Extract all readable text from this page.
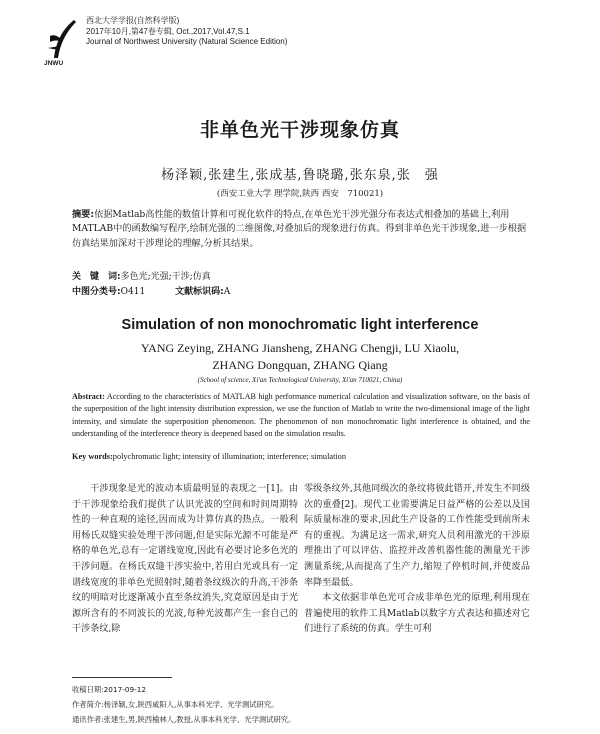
JNWU
西北大学学报(自然科学版)
2017年10月,第47卷专辑, Oct.,2017,Vol.47,S.1
Journal of Northwest University (Natural Science Edition)
非单色光干涉现象仿真
杨泽颖,张建生,张成基,鲁晓璐,张东泉,张　强
(西安工业大学 理学院,陕西 西安　710021)
摘要:依据Matlab高性能的数值计算和可视化软件的特点,在单色光干涉光强分布表达式相叠加的基础上,利用MATLAB中的函数编写程序,绘制光强的二维图像,对叠加后的现象进行仿真。得到非单色光干涉现象,进一步根据仿真结果加深对干涉理论的理解,分析其结果。
关　键　词:多色光;光强;干涉;仿真
中图分类号:O411	文献标识码:A
Simulation of non monochromatic light interference
YANG Zeying, ZHANG Jiansheng, ZHANG Chengji, LU Xiaolu,
ZHANG Dongquan, ZHANG Qiang
(School of science, Xi'an Technological University, Xi'an 710021, China)
Abstract: According to the characteristics of MATLAB high performance numerical calculation and visualization software, on the basis of the superposition of the light intensity distribution expression, we use the function of Matlab to write the two-dimensional image of the light intensity, and simulate the superposition phenomenon. The phenomenon of non monochromatic light interference is obtained, and the understanding of the interference theory is deepened based on the simulation results.
Key words:polychromatic light; intensity of illumination; interference; simulation

干涉现象是光的波动本质最明显的表现之一[1]。由于干涉现象给我们提供了认识光波的空间和时间周期特性的一种直观的途径,因而成为计算仿真的热点。一般利用杨氏双缝实验处理干涉问题,但是实际光源不可能是严格的单色光,总有一定谱线宽度,因此有必要讨论多色光的干涉问题。在杨氏双缝干涉实验中,若用白光或具有一定谱线宽度的非单色光照射时,随着条纹级次的升高,干涉条纹的明暗对比逐渐减小直至条纹消失,究竟原因是由于光源所含有的不同波长的光波,每种光波都产生一套自己的干涉条纹,除

零级条纹外,其他同级次的条纹将彼此错开,并发生不同级次的重叠[2]。现代工业需要满足日益严格的公差以及国际质量标准的要求,因此生产设备的工作性能受到前所未有的重视。为满足这一需求,研究人员利用激光的干涉原理推出了可以评估、监控并改善机器性能的测量光干涉测量系统,从而提高了生产力,缩短了停机时间,并使废品率降至最低。

本文依据非单色光可合成非单色光的原理,利用现在普遍使用的软件工具Matlab以数字方式表达和描述对它们进行了系统的仿真。学生可利

收稿日期:2017-09-12
作者简介:杨泽颖,女,陕西咸阳人,从事本科光学、光学测试研究。
通讯作者:张建生,男,陕西榆林人,教授,从事本科光学、光学测试研究。
